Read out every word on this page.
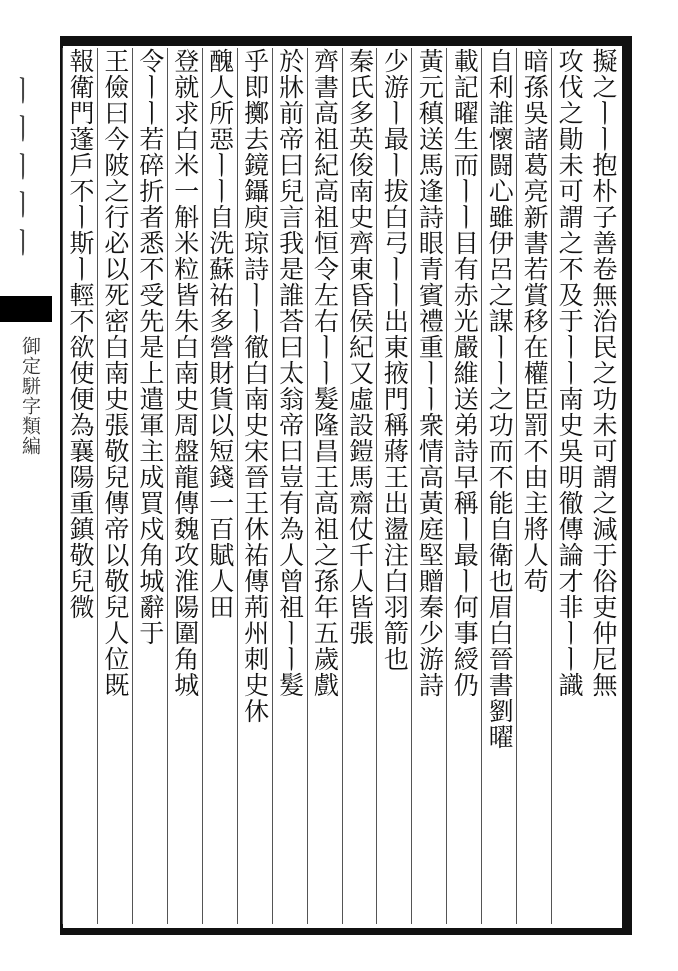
擬之ㅣㅣ抱朴子善卷無治民之功未可謂之減于俗吏仲尼無
攻伐之勛未可謂之不及于ㅣㅣ南史吳明徹傳論才非ㅣㅣ識
暗孫吳諸葛亮新書若賞移在權臣罰不由主將人苟
自利誰懷闘心雖伊呂之謀ㅣㅣ之功而不能自衛也眉白晉書劉曜
載記曜生而ㅣㅣ目有赤光嚴維送弟詩早稱ㅣ最ㅣ何事綬仍
黃元稹送馬逢詩眼青賓禮重ㅣㅣ衆情高黃庭堅贈秦少游詩
少游ㅣ最ㅣ拔白弓ㅣㅣ出東掖門稱蔣王出盪注白羽箭也
秦氏多英俊南史齊東昏侯紀又虛設鎧馬齋仗千人皆張
齊書高祖紀高祖恒令左右ㅣㅣ髮隆昌王高祖之孫年五歲戲
於牀前帝曰兒言我是誰荅曰太翁帝曰豈有為人曾祖ㅣㅣ髮
乎即擲去鏡鑷庾琼詩ㅣㅣ徹白南史宋晉王休祐傳荊州刺史休
醜人所惡ㅣㅣ自洗蘇祐多營財貨以短錢一百賦人田
登就求白米一斛米粒皆朱白南史周盤龍傳魏攻淮陽圍角城
令ㅣㅣ若碎折者悉不受先是上遣軍主成買戍角城辭于
王儉曰今陂之行必以死密白南史張敬兒傳帝以敬兒人位既
報衛門蓬戶不ㅣ斯ㅣ輕不欲使便為襄陽重鎮敬兒微
ㅣㅣㅣㅣㅣ
御定駢字類編
